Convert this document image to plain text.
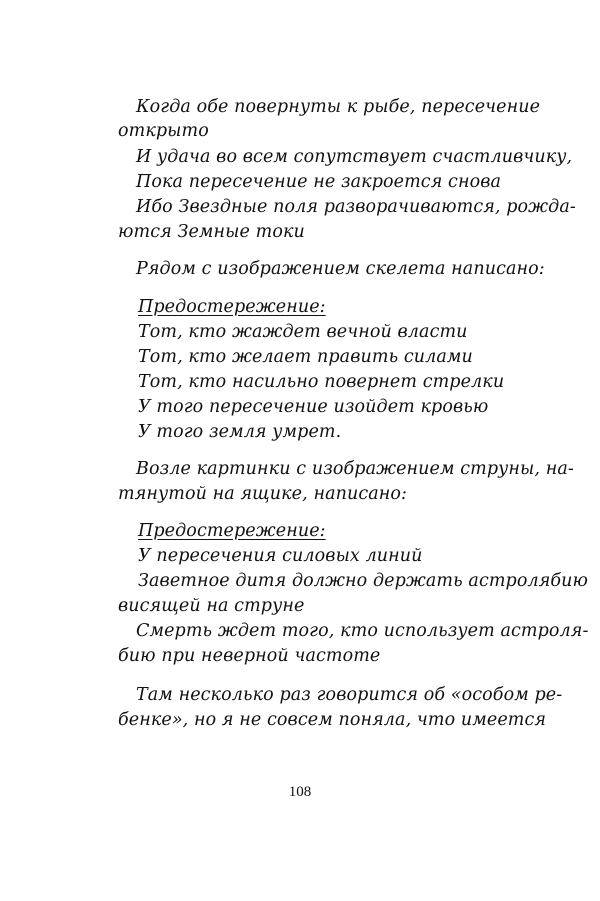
Когда обе повернуты к рыбе, пересечение
открыто
И удача во всем сопутствует счастливчику,
Пока пересечение не закроется снова
Ибо Звездные поля разворачиваются, рожда-
ются Земные токи
Рядом с изображением скелета написано:
Предостережение:
Тот, кто жаждет вечной власти
Тот, кто желает править силами
Тот, кто насильно повернет стрелки
У того пересечение изойдет кровью
У того земля умрет.
Возле картинки с изображением струны, на-
тянутой на ящике, написано:
Предостережение:
У пересечения силовых линий
Заветное дитя должно держать астролябию
висящей на струне
Смерть ждет того, кто использует астроля-
бию при неверной частоте
Там несколько раз говорится об «особом ре-
бенке», но я не совсем поняла, что имеется
108
